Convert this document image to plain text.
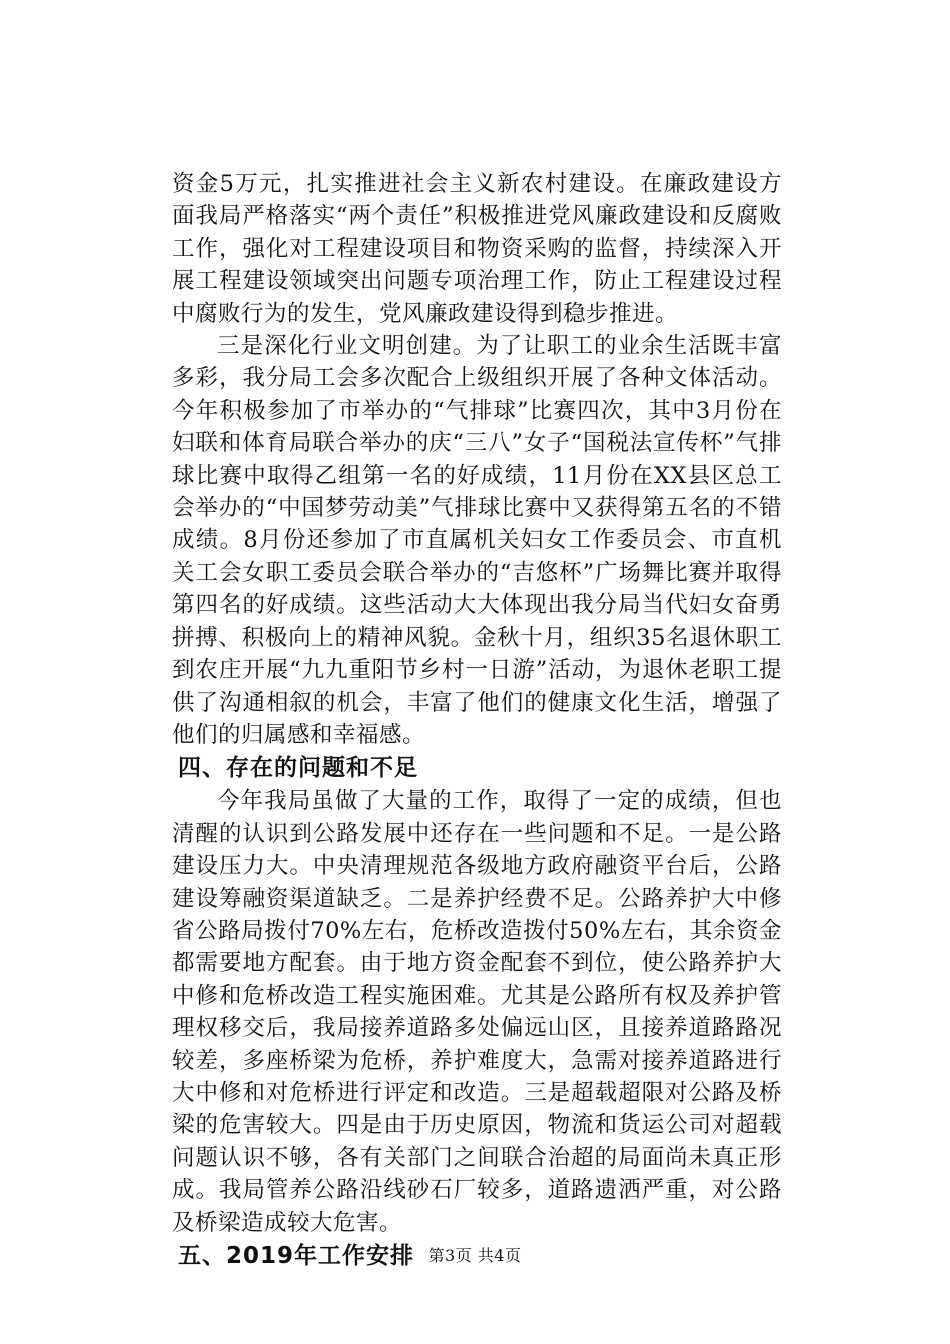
资金5万元，扎实推进社会主义新农村建设。在廉政建设方面我局严格落实“两个责任”积极推进党风廉政建设和反腐败工作，强化对工程建设项目和物资采购的监督，持续深入开展工程建设领域突出问题专项治理工作，防止工程建设过程中腐败行为的发生，党风廉政建设得到稳步推进。

三是深化行业文明创建。为了让职工的业余生活既丰富多彩，我分局工会多次配合上级组织开展了各种文体活动。今年积极参加了市举办的“气排球”比赛四次，其中3月份在妇联和体育局联合举办的庆“三八”女子“国税法宣传杯”气排球比赛中取得乙组第一名的好成绩，11月份在XX县区总工会举办的“中国梦劳动美”气排球比赛中又获得第五名的不错成绩。8月份还参加了市直属机关妇女工作委员会、市直机关工会女职工委员会联合举办的“吉悠杯”广场舞比赛并取得第四名的好成绩。这些活动大大体现出我分局当代妇女奋勇拼搏、积极向上的精神风貌。金秋十月，组织35名退休职工到农庄开展“九九重阳节乡村一日游”活动，为退休老职工提供了沟通相叙的机会，丰富了他们的健康文化生活，增强了他们的归属感和幸福感。

四、存在的问题和不足

今年我局虽做了大量的工作，取得了一定的成绩，但也清醒的认识到公路发展中还存在一些问题和不足。一是公路建设压力大。中央清理规范各级地方政府融资平台后，公路建设筹融资渠道缺乏。二是养护经费不足。公路养护大中修省公路局拨付70%左右，危桥改造拨付50%左右，其余资金都需要地方配套。由于地方资金配套不到位，使公路养护大中修和危桥改造工程实施困难。尤其是公路所有权及养护管理权移交后，我局接养道路多处偏远山区，且接养道路路况较差，多座桥梁为危桥，养护难度大，急需对接养道路进行大中修和对危桥进行评定和改造。三是超载超限对公路及桥梁的危害较大。四是由于历史原因，物流和货运公司对超载问题认识不够，各有关部门之间联合治超的局面尚未真正形成。我局管养公路沿线砂石厂较多，道路遗洒严重，对公路及桥梁造成较大危害。

五、2019年工作安排 第3页 共4页
